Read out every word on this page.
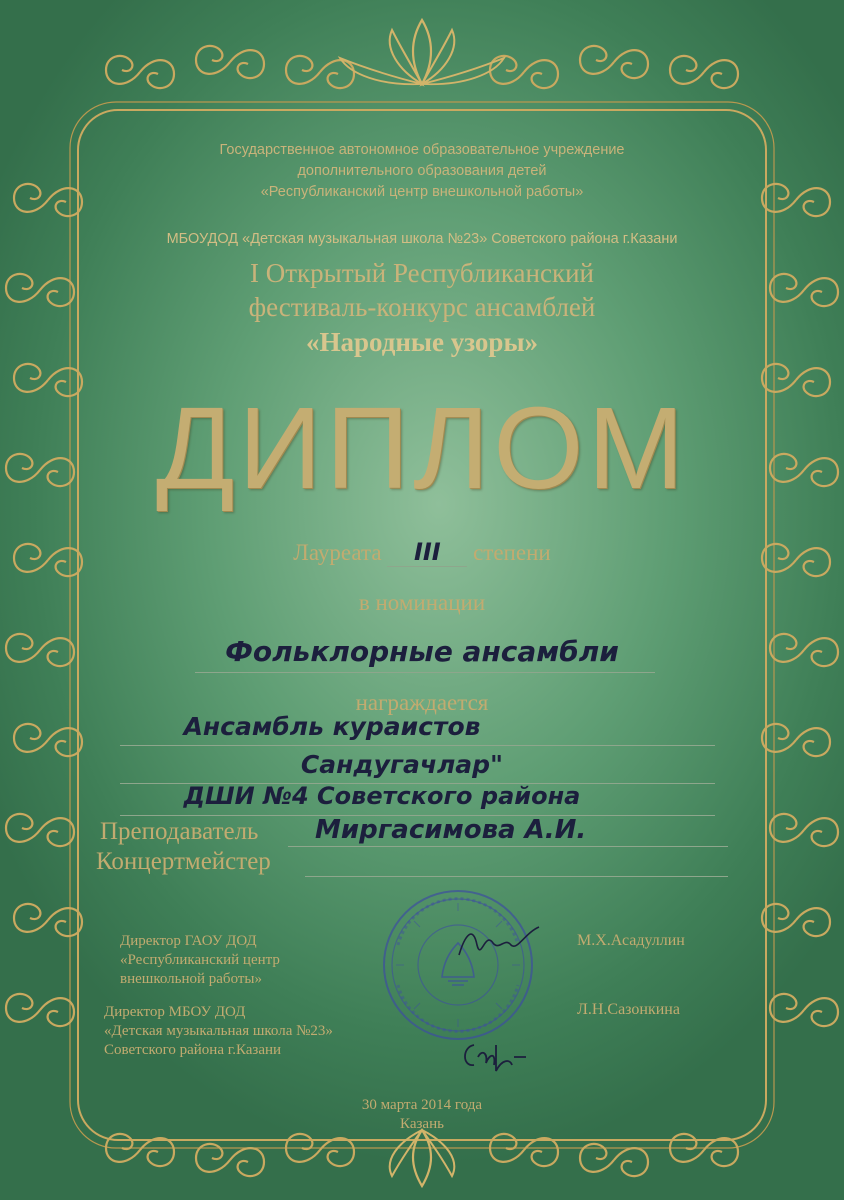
Государственное автономное образовательное учреждение
дополнительного образования детей
«Республиканский центр внешкольной работы»
МБОУДОД «Детская музыкальная школа №23» Советского района г.Казани
I Открытый Республиканский
фестиваль-конкурс ансамблей
«Народные узоры»
ДИПЛОМ
Лауреата III степени
в номинации
Фольклорные ансамбли
награждается
Ансамбль кураистов
Сандугачлар"
ДШИ №4 Советского района
Преподаватель Миргасимова А.И.
Концертмейстер
Директор ГАОУ ДОД
«Республиканский центр
внешкольной работы»
М.Х.Асадуллин
Директор МБОУ ДОД
«Детская музыкальная школа №23»
Советского района г.Казани
Л.Н.Сазонкина
30 марта 2014 года
Казань
